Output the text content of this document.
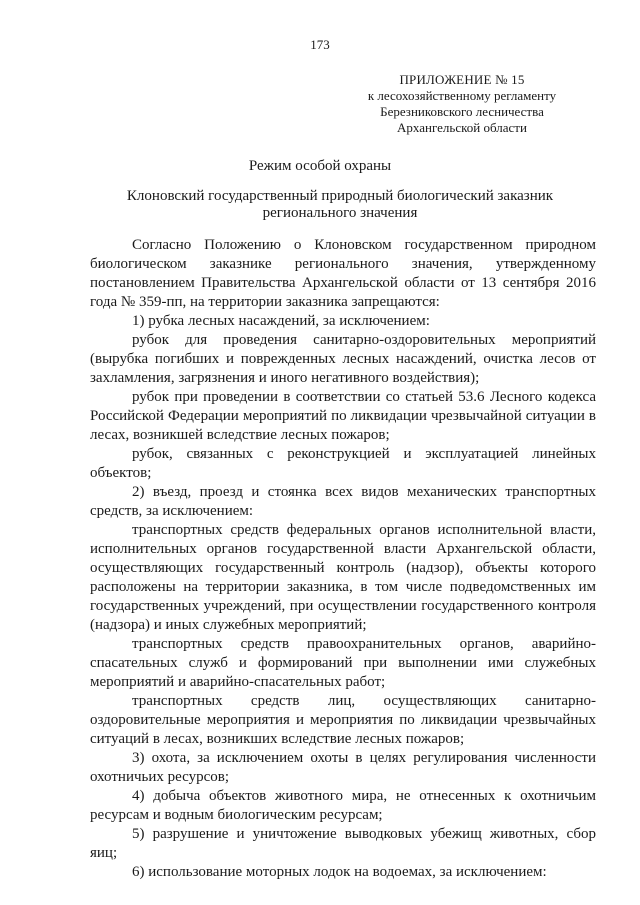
173
ПРИЛОЖЕНИЕ № 15
к лесохозяйственному регламенту
Березниковского лесничества
Архангельской области
Режим особой охраны
Клоновский государственный природный биологический заказник регионального значения

Согласно Положению о Клоновском государственном природном биологическом заказнике регионального значения, утвержденному постановлением Правительства Архангельской области от 13 сентября 2016 года № 359-пп, на территории заказника запрещаются:

1) рубка лесных насаждений, за исключением:

рубок для проведения санитарно-оздоровительных мероприятий (вырубка погибших и поврежденных лесных насаждений, очистка лесов от захламления, загрязнения и иного негативного воздействия);

рубок при проведении в соответствии со статьей 53.6 Лесного кодекса Российской Федерации мероприятий по ликвидации чрезвычайной ситуации в лесах, возникшей вследствие лесных пожаров;

рубок, связанных с реконструкцией и эксплуатацией линейных объектов;

2) въезд, проезд и стоянка всех видов механических транспортных средств, за исключением:

транспортных средств федеральных органов исполнительной власти, исполнительных органов государственной власти Архангельской области, осуществляющих государственный контроль (надзор), объекты которого расположены на территории заказника, в том числе подведомственных им государственных учреждений, при осуществлении государственного контроля (надзора) и иных служебных мероприятий;

транспортных средств правоохранительных органов, аварийно-спасательных служб и формирований при выполнении ими служебных мероприятий и аварийно-спасательных работ;

транспортных средств лиц, осуществляющих санитарно-оздоровительные мероприятия и мероприятия по ликвидации чрезвычайных ситуаций в лесах, возникших вследствие лесных пожаров;

3) охота, за исключением охоты в целях регулирования численности охотничьих ресурсов;

4) добыча объектов животного мира, не отнесенных к охотничьим ресурсам и водным биологическим ресурсам;

5) разрушение и уничтожение выводковых убежищ животных, сбор яиц;

6) использование моторных лодок на водоемах, за исключением:
